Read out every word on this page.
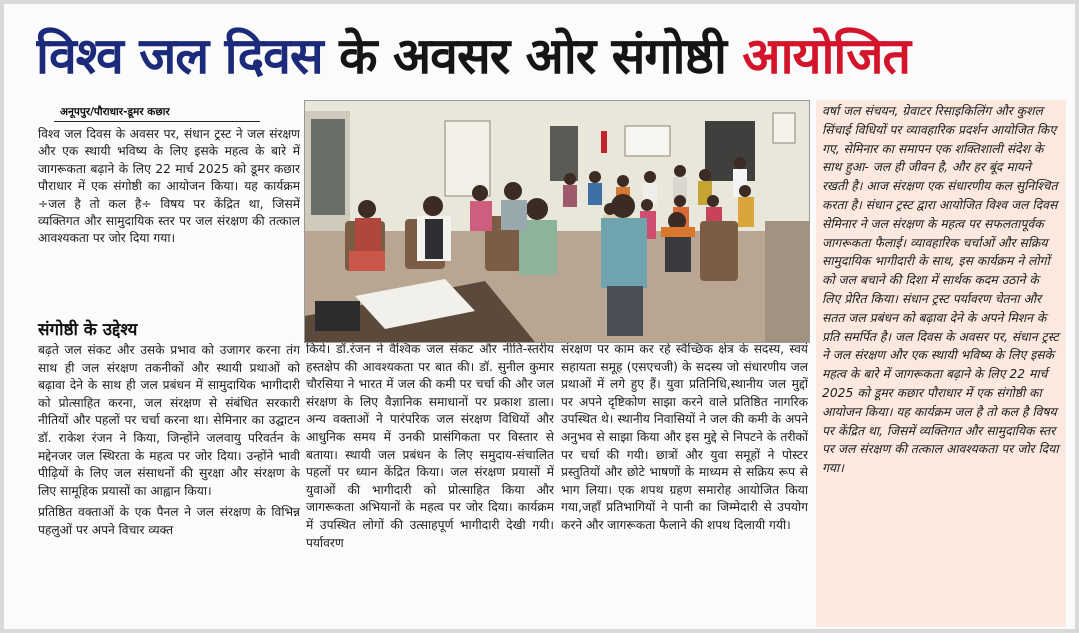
विश्व जल दिवस के अवसर ओर संगोष्ठी आयोजित
अनूपपुर/पौराधार-डूमर कछार

विश्व जल दिवस के अवसर पर, संधान ट्रस्ट ने जल संरक्षण और एक स्थायी भविष्य के लिए इसके महत्व के बारे में जागरूकता बढ़ाने के लिए 22 मार्च 2025 को डूमर कछार पौराधार में एक संगोष्ठी का आयोजन किया। यह कार्यक्रम ÷जल है तो कल है÷ विषय पर केंद्रित था, जिसमें व्यक्तिगत और सामुदायिक स्तर पर जल संरक्षण की तत्काल आवश्यकता पर जोर दिया गया।

संगोष्ठी के उद्देश्य

बढ़ते जल संकट और उसके प्रभाव को उजागर करना तंग साथ ही जल संरक्षण तकनीकों और स्थायी प्रथाओं को बढ़ावा देने के साथ ही जल प्रबंधन में सामुदायिक भागीदारी को प्रोत्साहित करना, जल संरक्षण से संबंधित सरकारी नीतियों और पहलों पर चर्चा करना था। सेमिनार का उद्घाटन डॉ. राकेश रंजन ने किया, जिन्होंने जलवायु परिवर्तन के मद्देनजर जल स्थिरता के महत्व पर जोर दिया। उन्होंने भावी पीढ़ियों के लिए जल संसाधनों की सुरक्षा और संरक्षण के लिए सामूहिक प्रयासों का आह्वान किया।

प्रतिष्ठित वक्ताओं के एक पैनल ने जल संरक्षण के विभिन्न पहलुओं पर अपने विचार व्यक्त

किये। डॉ.रंजन ने वैश्विक जल संकट और नीति-स्तरीय हस्तक्षेप की आवश्यकता पर बात की। डॉ. सुनील कुमार चौरसिया ने भारत में जल की कमी पर चर्चा की और जल संरक्षण के लिए वैज्ञानिक समाधानों पर प्रकाश डाला। अन्य वक्ताओं ने पारंपरिक जल संरक्षण विधियों और आधुनिक समय में उनकी प्रासंगिकता पर विस्तार से बताया। स्थायी जल प्रबंधन के लिए समुदाय-संचालित पहलों पर ध्यान केंद्रित किया। जल संरक्षण प्रयासों में युवाओं की भागीदारी को प्रोत्साहित किया और जागरूकता अभियानों के महत्व पर जोर दिया। कार्यक्रम में उपस्थित लोगों की उत्साहपूर्ण भागीदारी देखी गयी।पर्यावरण

संरक्षण पर काम कर रहे स्वैच्छिक क्षेत्र के सदस्य, स्वयं सहायता समूह (एसएचजी) के सदस्य जो संधारणीय जल प्रथाओं में लगे हुए हैं। युवा प्रतिनिधि,स्थानीय जल मुद्दों पर अपने दृष्टिकोण साझा करने वाले प्रतिष्ठित नागरिक उपस्थित थे। स्थानीय निवासियों ने जल की कमी के अपने अनुभव से साझा किया और इस मुद्दे से निपटने के तरीकों पर चर्चा की गयी। छात्रों और युवा समूहों ने पोस्टर प्रस्तुतियों और छोटे भाषणों के माध्यम से सक्रिय रूप से भाग लिया। एक शपथ ग्रहण समारोह आयोजित किया गया,जहाँ प्रतिभागियों ने पानी का जिम्मेदारी से उपयोग करने और जागरूकता फैलाने की शपथ दिलायी गयी।

वर्षा जल संचयन, ग्रेवाटर रिसाइकिलिंग और कुशल सिंचाई विधियों पर व्यावहारिक प्रदर्शन आयोजित किए गए, सेमिनार का समापन एक शक्तिशाली संदेश के साथ हुआ- जल ही जीवन है, और हर बूंद मायने रखती है। आज संरक्षण एक संधारणीय कल सुनिश्चित करता है। संधान ट्रस्ट द्वारा आयोजित विश्व जल दिवस सेमिनार ने जल संरक्षण के महत्व पर सफलतापूर्वक जागरूकता फैलाई। व्यावहारिक चर्चाओं और सक्रिय सामुदायिक भागीदारी के साथ, इस कार्यक्रम ने लोगों को जल बचाने की दिशा में सार्थक कदम उठाने के लिए प्रेरित किया। संधान ट्रस्ट पर्यावरण चेतना और सतत जल प्रबंधन को बढ़ावा देने के अपने मिशन के प्रति समर्पित है। जल दिवस के अवसर पर, संधान ट्रस्ट ने जल संरक्षण और एक स्थायी भविष्य के लिए इसके महत्व के बारे में जागरूकता बढ़ाने के लिए 22 मार्च 2025 को डूमर कछार पौराधार में एक संगोष्ठी का आयोजन किया। यह कार्यक्रम जल है तो कल है विषय पर केंद्रित था, जिसमें व्यक्तिगत और सामुदायिक स्तर पर जल संरक्षण की तत्काल आवश्यकता पर जोर दिया गया।
